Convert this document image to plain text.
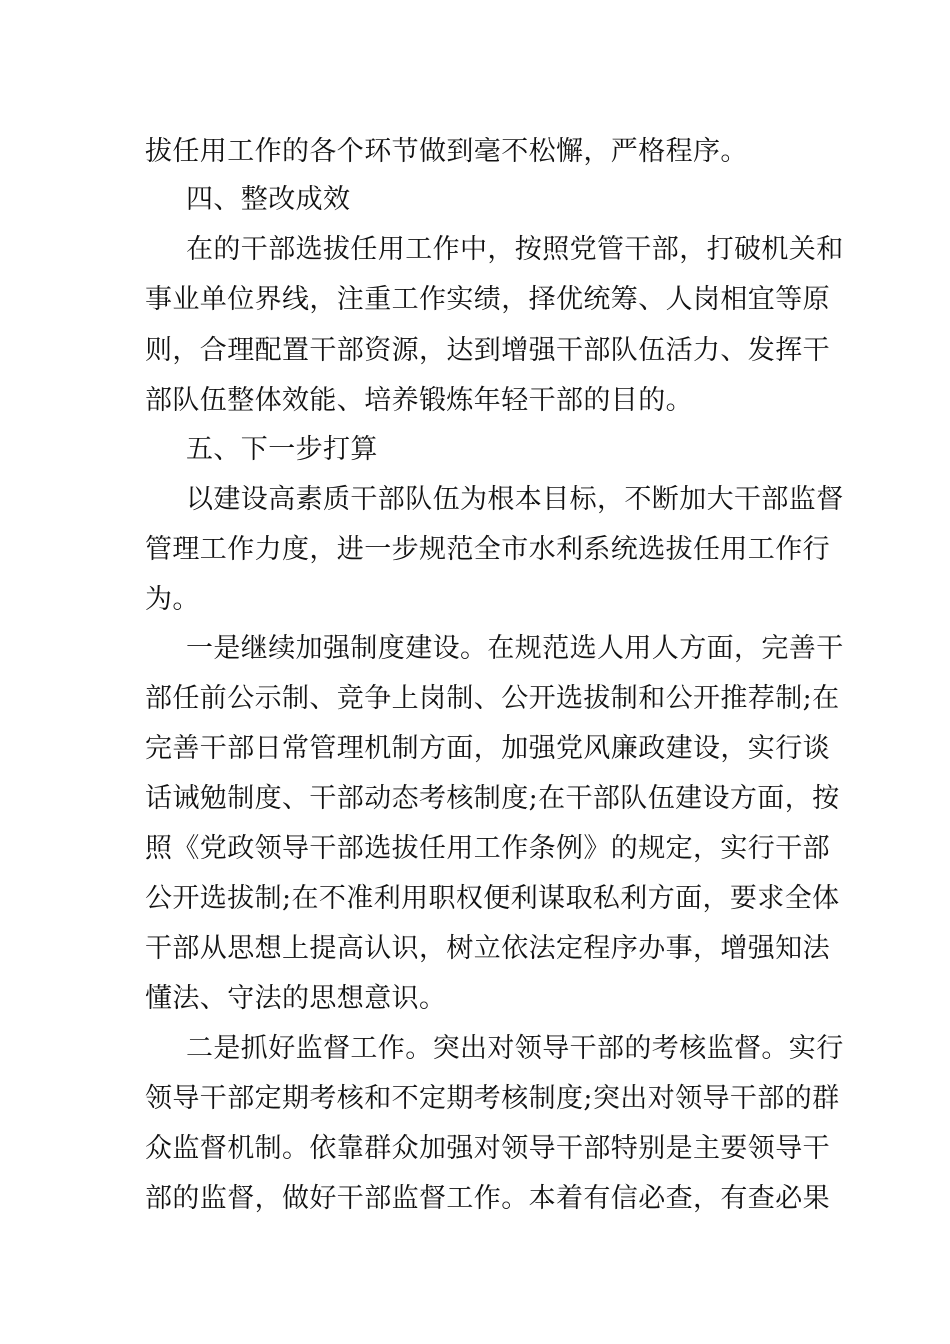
拔任用工作的各个环节做到毫不松懈，严格程序。
四、整改成效
在的干部选拔任用工作中，按照党管干部，打破机关和
事业单位界线，注重工作实绩，择优统筹、人岗相宜等原
则，合理配置干部资源，达到增强干部队伍活力、发挥干
部队伍整体效能、培养锻炼年轻干部的目的。
五、下一步打算
以建设高素质干部队伍为根本目标，不断加大干部监督
管理工作力度，进一步规范全市水利系统选拔任用工作行
为。
一是继续加强制度建设。在规范选人用人方面，完善干
部任前公示制、竞争上岗制、公开选拔制和公开推荐制;在
完善干部日常管理机制方面，加强党风廉政建设，实行谈
话诫勉制度、干部动态考核制度;在干部队伍建设方面，按
照《党政领导干部选拔任用工作条例》的规定，实行干部
公开选拔制;在不准利用职权便利谋取私利方面，要求全体
干部从思想上提高认识，树立依法定程序办事，增强知法
懂法、守法的思想意识。
二是抓好监督工作。突出对领导干部的考核监督。实行
领导干部定期考核和不定期考核制度;突出对领导干部的群
众监督机制。依靠群众加强对领导干部特别是主要领导干
部的监督，做好干部监督工作。本着有信必查，有查必果
